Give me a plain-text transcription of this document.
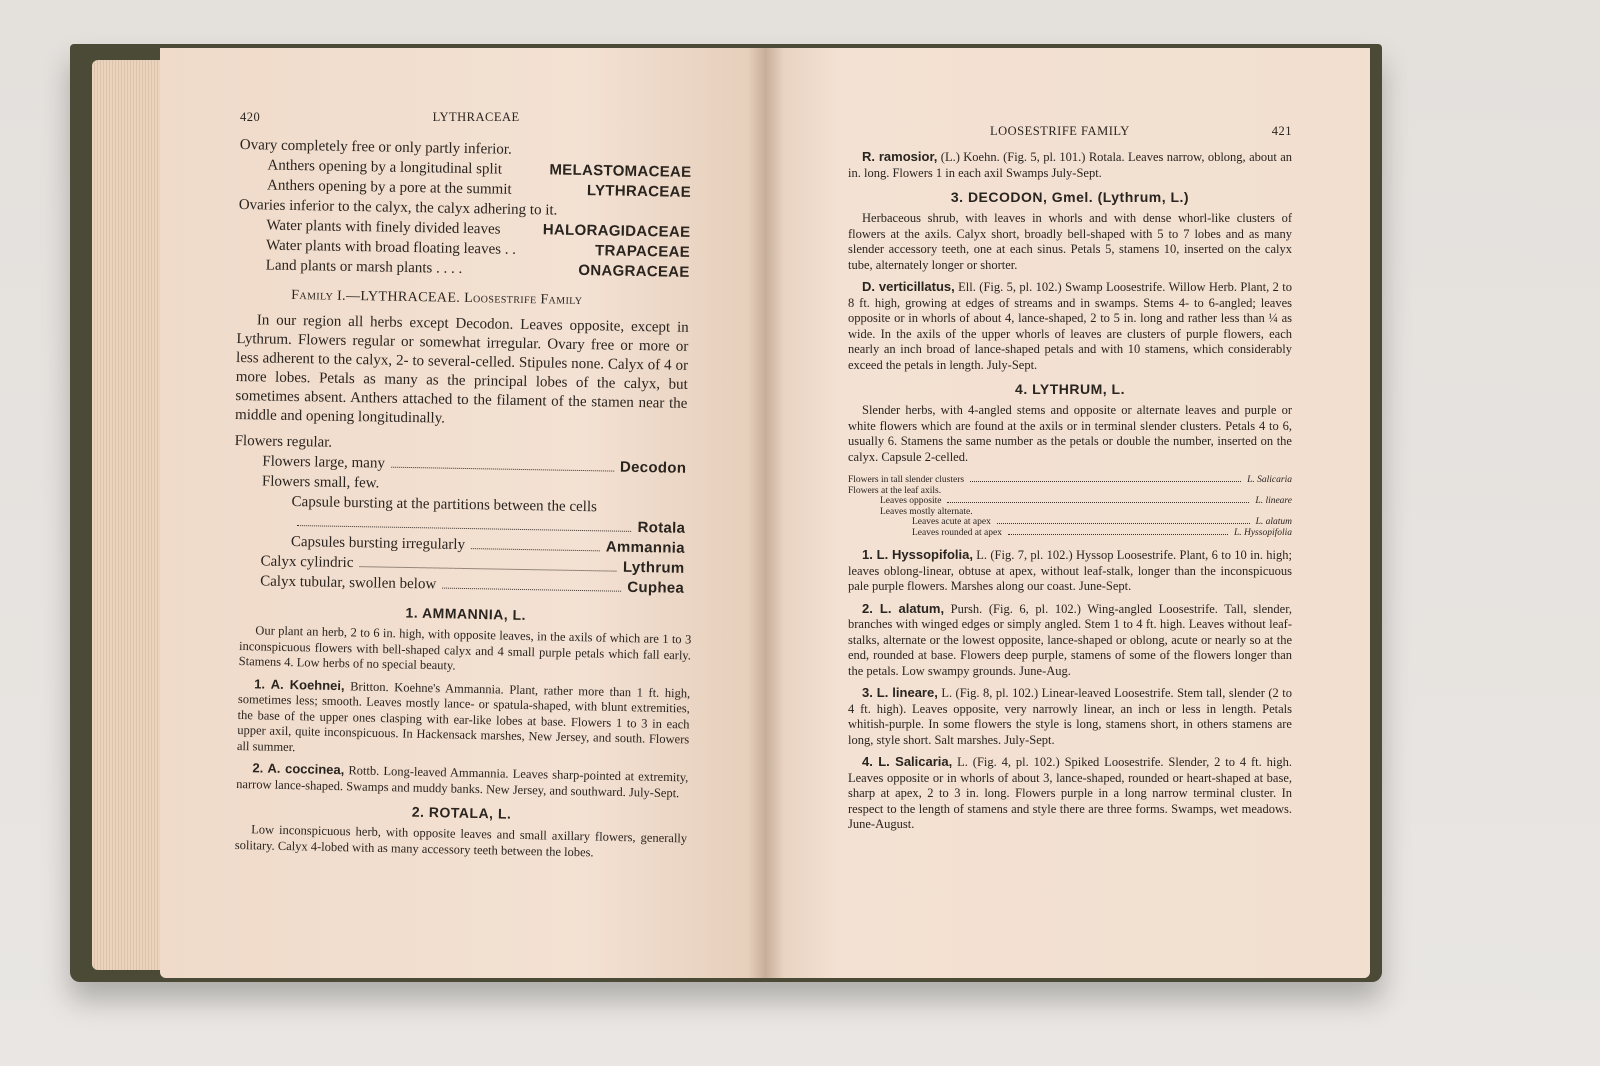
420	LYTHRACEAE
Ovary completely free or only partly inferior.
Anthers opening by a longitudinal split	MELASTOMACEAE
Anthers opening by a pore at the summit	LYTHRACEAE
Ovaries inferior to the calyx, the calyx adhering to it.
Water plants with finely divided leaves	HALORAGIDACEAE
Water plants with broad floating leaves . .	TRAPACEAE
Land plants or marsh plants . . . .	ONAGRACEAE
Family I.—LYTHRACEAE. Loosestrife Family

In our region all herbs except Decodon. Leaves opposite, except in Lythrum. Flowers regular or somewhat irregular. Ovary free or more or less adherent to the calyx, 2- to several-celled. Stipules none. Calyx of 4 or more lobes. Petals as many as the principal lobes of the calyx, but sometimes absent. Anthers attached to the filament of the stamen near the middle and opening longitudinally.

Flowers regular.
Flowers large, many	Decodon
Flowers small, few.
Capsule bursting at the partitions between the cells
Rotala
Capsules bursting irregularly	Ammannia
Calyx cylindric	Lythrum
Calyx tubular, swollen below	Cuphea
1. AMMANNIA, L.

Our plant an herb, 2 to 6 in. high, with opposite leaves, in the axils of which are 1 to 3 inconspicuous flowers with bell-shaped calyx and 4 small purple petals which fall early. Stamens 4. Low herbs of no special beauty.

1. A. Koehnei, Britton. Koehne's Ammannia. Plant, rather more than 1 ft. high, sometimes less; smooth. Leaves mostly lance- or spatula-shaped, with blunt extremities, the base of the upper ones clasping with ear-like lobes at base. Flowers 1 to 3 in each upper axil, quite inconspicuous. In Hackensack marshes, New Jersey, and south. Flowers all summer.

2. A. coccinea, Rottb. Long-leaved Ammannia. Leaves sharp-pointed at extremity, narrow lance-shaped. Swamps and muddy banks. New Jersey, and southward. July-Sept.

2. ROTALA, L.

Low inconspicuous herb, with opposite leaves and small axillary flowers, generally solitary. Calyx 4-lobed with as many accessory teeth between the lobes.

LOOSESTRIFE FAMILY	421

R. ramosior, (L.) Koehn. (Fig. 5, pl. 101.) Rotala. Leaves narrow, oblong, about an in. long. Flowers 1 in each axil Swamps July-Sept.

3. DECODON, Gmel. (Lythrum, L.)

Herbaceous shrub, with leaves in whorls and with dense whorl-like clusters of flowers at the axils. Calyx short, broadly bell-shaped with 5 to 7 lobes and as many slender accessory teeth, one at each sinus. Petals 5, stamens 10, inserted on the calyx tube, alternately longer or shorter.

D. verticillatus, Ell. (Fig. 5, pl. 102.) Swamp Loosestrife. Willow Herb. Plant, 2 to 8 ft. high, growing at edges of streams and in swamps. Stems 4- to 6-angled; leaves opposite or in whorls of about 4, lance-shaped, 2 to 5 in. long and rather less than ¼ as wide. In the axils of the upper whorls of leaves are clusters of purple flowers, each nearly an inch broad of lance-shaped petals and with 10 stamens, which considerably exceed the petals in length. July-Sept.

4. LYTHRUM, L.

Slender herbs, with 4-angled stems and opposite or alternate leaves and purple or white flowers which are found at the axils or in terminal slender clusters. Petals 4 to 6, usually 6. Stamens the same number as the petals or double the number, inserted on the calyx. Capsule 2-celled.

Flowers in tall slender clusters	L. Salicaria
Flowers at the leaf axils.
Leaves opposite	L. lineare
Leaves mostly alternate.
Leaves acute at apex	L. alatum
Leaves rounded at apex	L. Hyssopifolia

1. L. Hyssopifolia, L. (Fig. 7, pl. 102.) Hyssop Loosestrife. Plant, 6 to 10 in. high; leaves oblong-linear, obtuse at apex, without leaf-stalk, longer than the inconspicuous pale purple flowers. Marshes along our coast. June-Sept.

2. L. alatum, Pursh. (Fig. 6, pl. 102.) Wing-angled Loosestrife. Tall, slender, branches with winged edges or simply angled. Stem 1 to 4 ft. high. Leaves without leaf-stalks, alternate or the lowest opposite, lance-shaped or oblong, acute or nearly so at the end, rounded at base. Flowers deep purple, stamens of some of the flowers longer than the petals. Low swampy grounds. June-Aug.

3. L. lineare, L. (Fig. 8, pl. 102.) Linear-leaved Loosestrife. Stem tall, slender (2 to 4 ft. high). Leaves opposite, very narrowly linear, an inch or less in length. Petals whitish-purple. In some flowers the style is long, stamens short, in others stamens are long, style short. Salt marshes. July-Sept.

4. L. Salicaria, L. (Fig. 4, pl. 102.) Spiked Loosestrife. Slender, 2 to 4 ft. high. Leaves opposite or in whorls of about 3, lance-shaped, rounded or heart-shaped at base, sharp at apex, 2 to 3 in. long. Flowers purple in a long narrow terminal cluster. In respect to the length of stamens and style there are three forms. Swamps, wet meadows. June-August.
